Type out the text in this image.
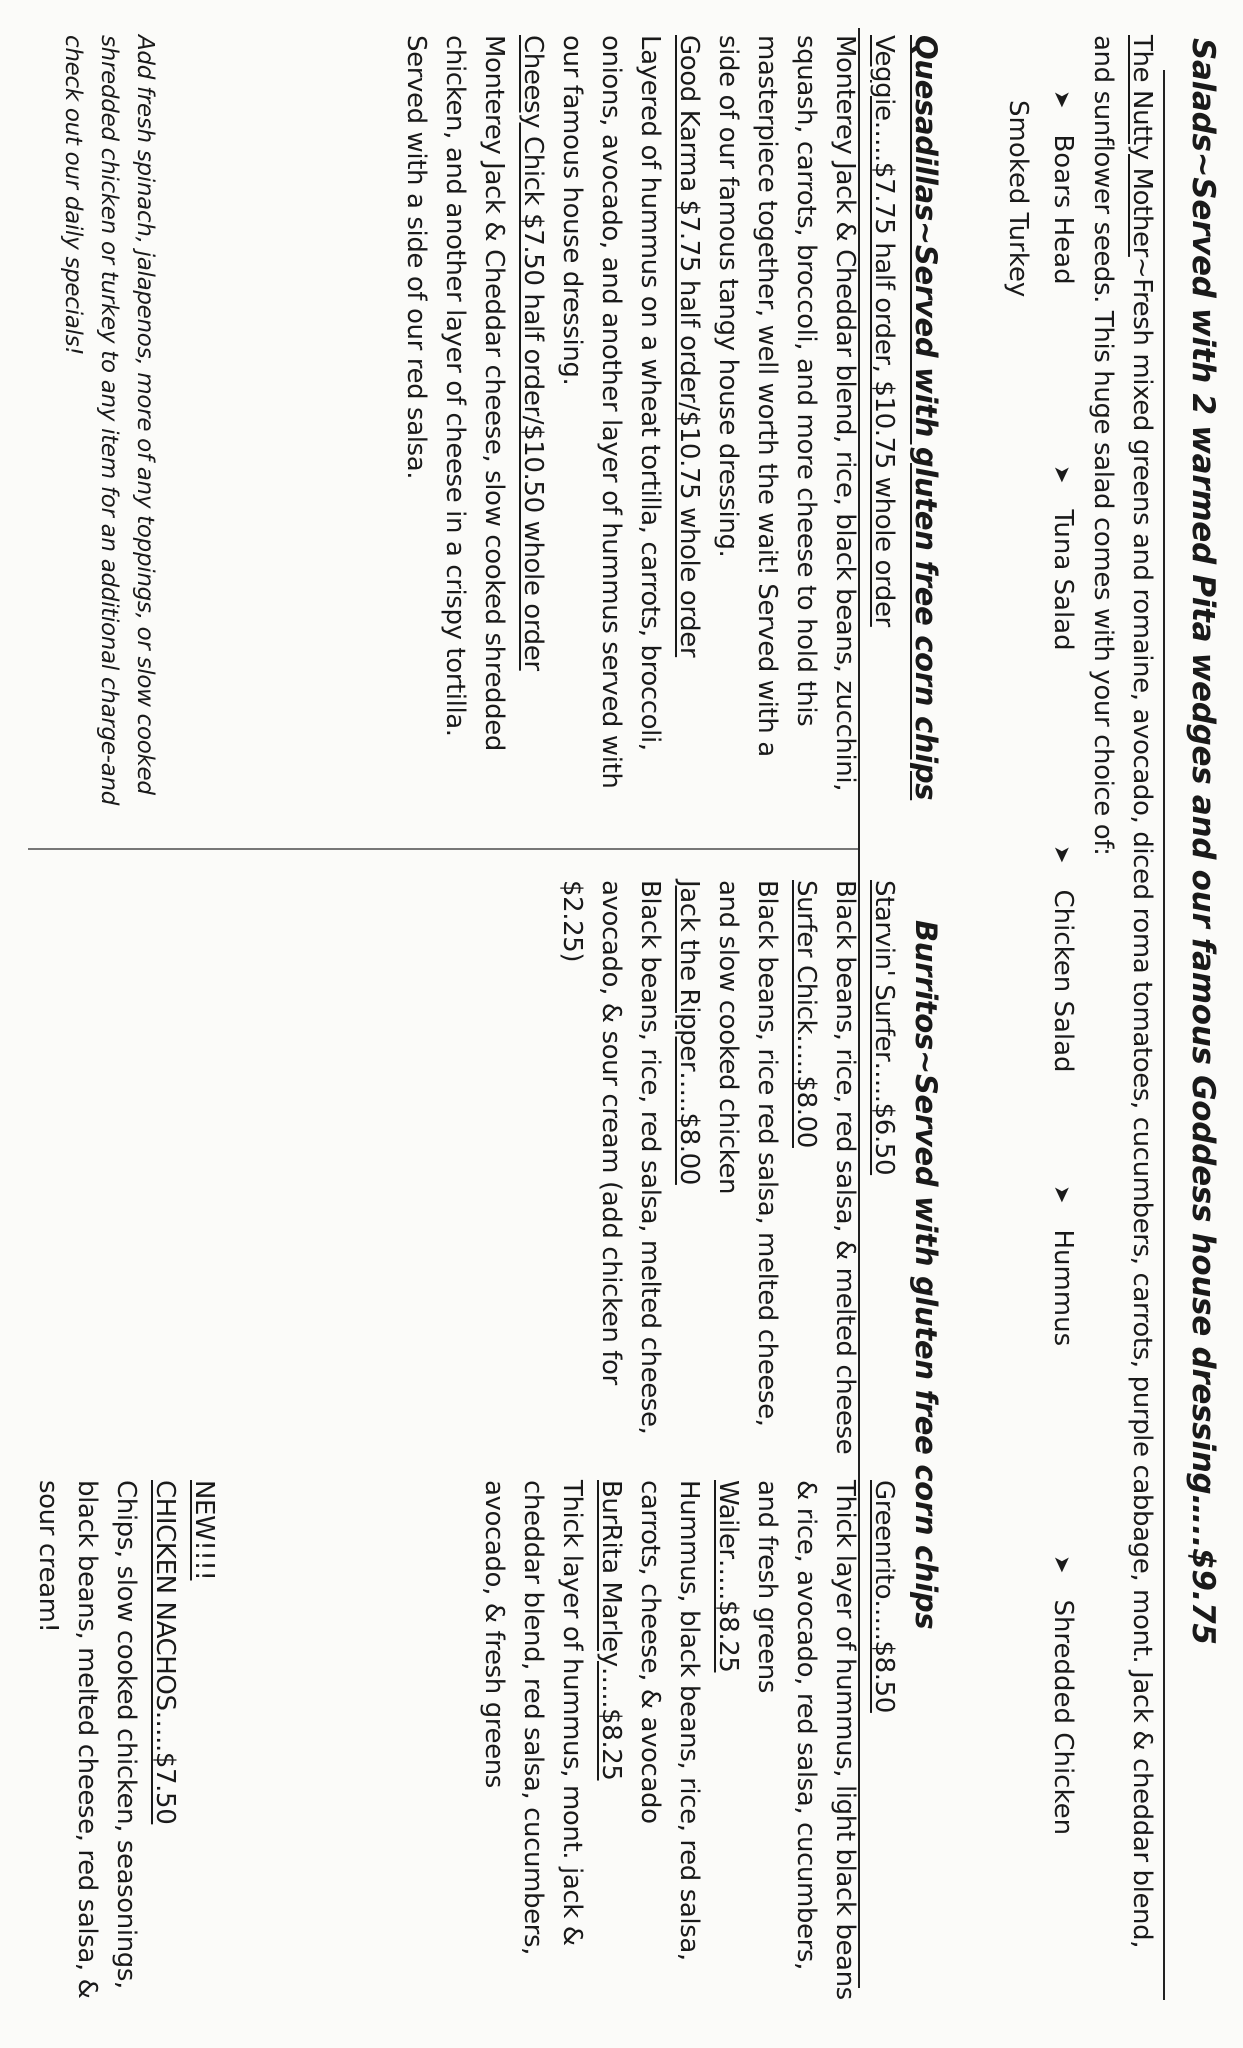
Salads~Served with 2 warmed Pita wedges and our famous Goddess house dressing…..$9.75
The Nutty Mother~Fresh mixed greens and romaine, avocado, diced roma tomatoes, cucumbers, carrots, purple cabbage, mont. Jack & cheddar blend, and sunflower seeds. This huge salad comes with your choice of:
➤Boars Head
➤Tuna Salad
➤Chicken Salad
➤Hummus
➤Shredded Chicken
Smoked Turkey
Quesadillas~Served with gluten free corn chips
Burritos~Served with gluten free corn chips
Veggie…..$7.75 half order, $10.75 whole order
Monterey Jack & Cheddar blend, rice, black beans, zucchini, squash, carrots, broccoli, and more cheese to hold this masterpiece together, well worth the wait! Served with a side of our famous tangy house dressing.
Good Karma $7.75 half order/$10.75 whole order
Layered of hummus on a wheat tortilla, carrots, broccoli, onions, avocado, and another layer of hummus served with our famous house dressing.
Cheesy Chick $7.50 half order/$10.50 whole order
Monterey Jack & Cheddar cheese, slow cooked shredded chicken, and another layer of cheese in a crispy tortilla. Served with a side of our red salsa.
Add fresh spinach, jalapenos, more of any toppings, or slow cooked shredded chicken or turkey to any item for an additional charge-and check out our daily specials!
Starvin' Surfer…..$6.50
Black beans, rice, red salsa, & melted cheese
Surfer Chick…..$8.00
Black beans, rice red salsa, melted cheese, and slow cooked chicken
Jack the Ripper…..$8.00
Black beans, rice, red salsa, melted cheese, avocado, & sour cream (add chicken for $2.25)
Greenrito…..$8.50
Thick layer of hummus, light black beans & rice, avocado, red salsa, cucumbers, and fresh greens
Wailer…..$8.25
Hummus, black beans, rice, red salsa, carrots, cheese, & avocado
BurRita Marley…..$8.25
Thick layer of hummus, mont. jack & cheddar blend, red salsa, cucumbers, avocado, & fresh greens
NEW!!!!
CHICKEN NACHOS…..$7.50
Chips, slow cooked chicken, seasonings, black beans, melted cheese, red salsa, & sour cream!
